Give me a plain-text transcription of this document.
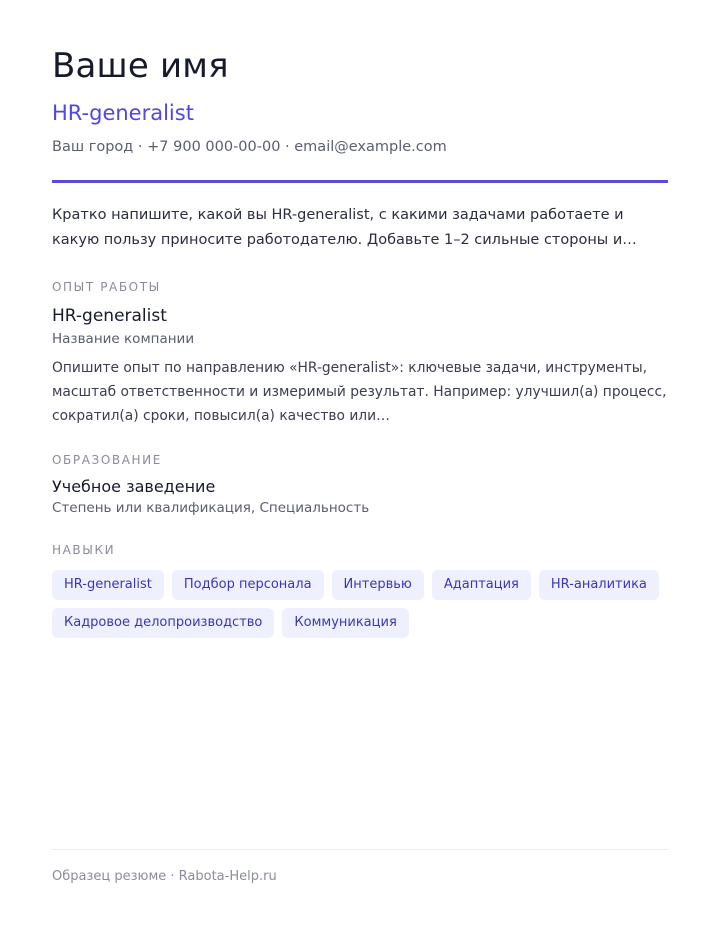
Ваше имя
HR-generalist
Ваш город · +7 900 000-00-00 · email@example.com
Кратко напишите, какой вы HR-generalist, с какими задачами работаете и какую пользу приносите работодателю. Добавьте 1–2 сильные стороны и…
ОПЫТ РАБОТЫ
HR-generalist
Название компании
Опишите опыт по направлению «HR-generalist»: ключевые задачи, инструменты, масштаб ответственности и измеримый результат. Например: улучшил(а) процесс, сократил(а) сроки, повысил(а) качество или…
ОБРАЗОВАНИЕ
Учебное заведение
Степень или квалификация, Специальность
НАВЫКИ
HR-generalist	Подбор персонала	Интервью	Адаптация	HR-аналитика
Кадровое делопроизводство	Коммуникация
Образец резюме · Rabota-Help.ru
